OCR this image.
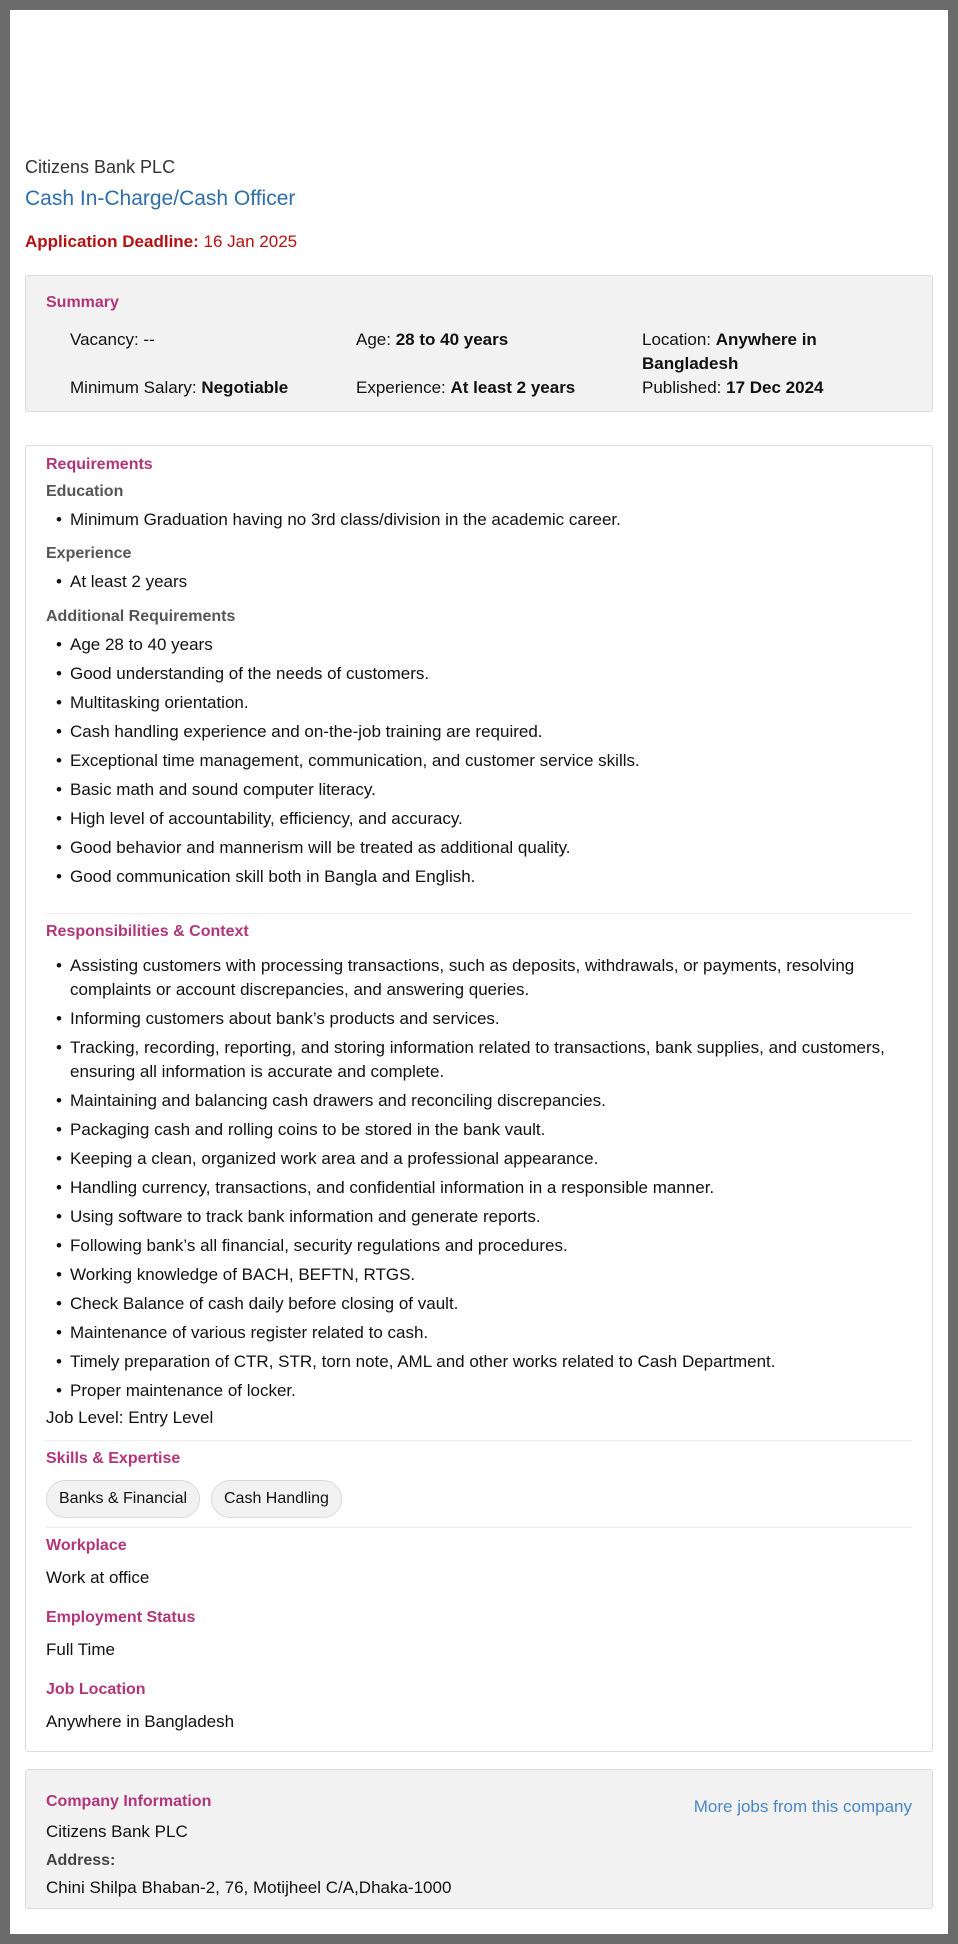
Citizens Bank PLC
Cash In-Charge/Cash Officer
Application Deadline: 16 Jan 2025
Summary
Vacancy: --	Age: 28 to 40 years	Location: Anywhere in Bangladesh
Minimum Salary: Negotiable	Experience: At least 2 years	Published: 17 Dec 2024
Requirements
Education
• Minimum Graduation having no 3rd class/division in the academic career.
Experience
• At least 2 years
Additional Requirements
• Age 28 to 40 years
• Good understanding of the needs of customers.
• Multitasking orientation.
• Cash handling experience and on-the-job training are required.
• Exceptional time management, communication, and customer service skills.
• Basic math and sound computer literacy.
• High level of accountability, efficiency, and accuracy.
• Good behavior and mannerism will be treated as additional quality.
• Good communication skill both in Bangla and English.
Responsibilities & Context
• Assisting customers with processing transactions, such as deposits, withdrawals, or payments, resolving complaints or account discrepancies, and answering queries.
• Informing customers about bank’s products and services.
• Tracking, recording, reporting, and storing information related to transactions, bank supplies, and customers, ensuring all information is accurate and complete.
• Maintaining and balancing cash drawers and reconciling discrepancies.
• Packaging cash and rolling coins to be stored in the bank vault.
• Keeping a clean, organized work area and a professional appearance.
• Handling currency, transactions, and confidential information in a responsible manner.
• Using software to track bank information and generate reports.
• Following bank’s all financial, security regulations and procedures.
• Working knowledge of BACH, BEFTN, RTGS.
• Check Balance of cash daily before closing of vault.
• Maintenance of various register related to cash.
• Timely preparation of CTR, STR, torn note, AML and other works related to Cash Department.
• Proper maintenance of locker.
Job Level: Entry Level
Skills & Expertise
Banks & Financial	Cash Handling
Workplace
Work at office
Employment Status
Full Time
Job Location
Anywhere in Bangladesh
Company Information	More jobs from this company
Citizens Bank PLC
Address:
Chini Shilpa Bhaban-2, 76, Motijheel C/A,Dhaka-1000
